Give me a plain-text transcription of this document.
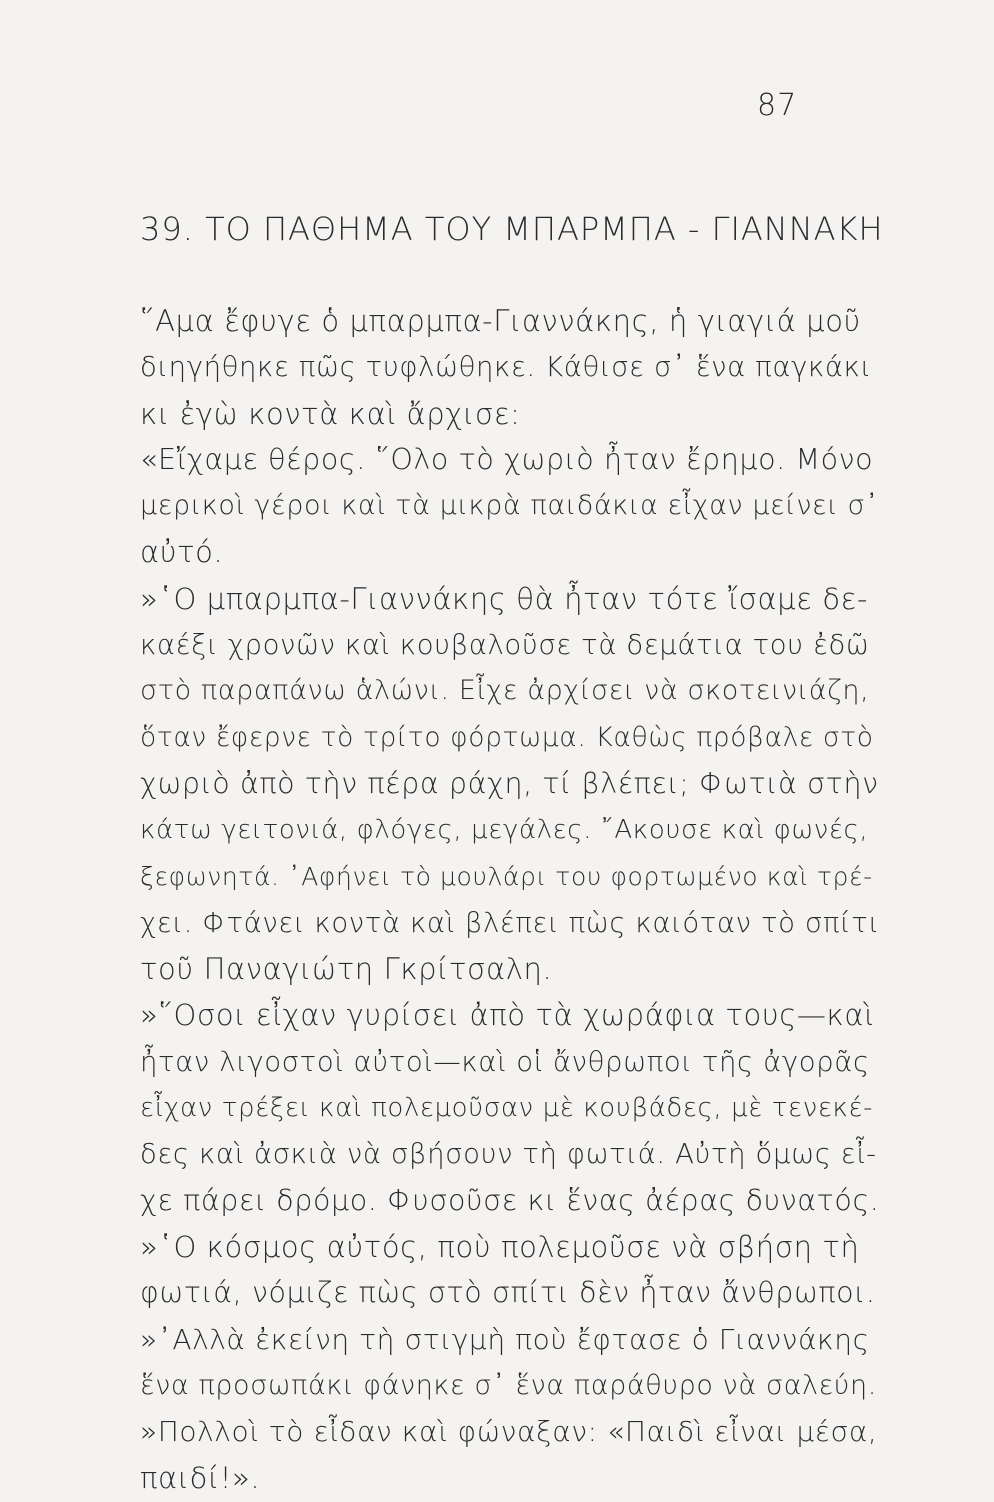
87
39. ΤΟ ΠΑΘΗΜΑ ΤΟΥ ΜΠΑΡΜΠΑ - ΓΙΑΝΝΑΚΗ
῞Αμα ἔφυγε ὁ μπαρμπα-Γιαννάκης, ἡ γιαγιά μοῦ
διηγήθηκε πῶς τυφλώθηκε. Κάθισε σ᾽ ἕνα παγκάκι
κι ἐγὼ κοντὰ καὶ ἄρχισε:
«Εἴχαμε θέρος. ῞Ολο τὸ χωριὸ ἦταν ἔρημο. Μόνο
μερικοὶ γέροι καὶ τὰ μικρὰ παιδάκια εἶχαν μείνει σ᾽
αὐτό.
»῾Ο μπαρμπα-Γιαννάκης θὰ ἦταν τότε ἴσαμε δε-
καέξι χρονῶν καὶ κουβαλοῦσε τὰ δεμάτια του ἐδῶ
στὸ παραπάνω ἁλώνι. Εἶχε ἀρχίσει νὰ σκοτεινιάζη,
ὅταν ἔφερνε τὸ τρίτο φόρτωμα. Καθὼς πρόβαλε στὸ
χωριὸ ἀπὸ τὴν πέρα ράχη, τί βλέπει; Φωτιὰ στὴν
κάτω γειτονιά, φλόγες, μεγάλες. ῎Ακουσε καὶ φωνές,
ξεφωνητά. ᾿Αφήνει τὸ μουλάρι του φορτωμένο καὶ τρέ-
χει. Φτάνει κοντὰ καὶ βλέπει πὼς καιόταν τὸ σπίτι
τοῦ Παναγιώτη Γκρίτσαλη.
»῞Οσοι εἶχαν γυρίσει ἀπὸ τὰ χωράφια τους—καὶ
ἦταν λιγοστοὶ αὐτοὶ—καὶ οἱ ἄνθρωποι τῆς ἀγορᾶς
εἶχαν τρέξει καὶ πολεμοῦσαν μὲ κουβάδες, μὲ τενεκέ-
δες καὶ ἀσκιὰ νὰ σβήσουν τὴ φωτιά. Αὐτὴ ὅμως εἶ-
χε πάρει δρόμο. Φυσοῦσε κι ἕνας ἀέρας δυνατός.
»῾Ο κόσμος αὐτός, ποὺ πολεμοῦσε νὰ σβήση τὴ
φωτιά, νόμιζε πὼς στὸ σπίτι δὲν ἦταν ἄνθρωποι.
»᾿Αλλὰ ἐκείνη τὴ στιγμὴ ποὺ ἔφτασε ὁ Γιαννάκης
ἕνα προσωπάκι φάνηκε σ᾽ ἕνα παράθυρο νὰ σαλεύη.
»Πολλοὶ τὸ εἶδαν καὶ φώναξαν: «Παιδὶ εἶναι μέσα,
παιδί!».
